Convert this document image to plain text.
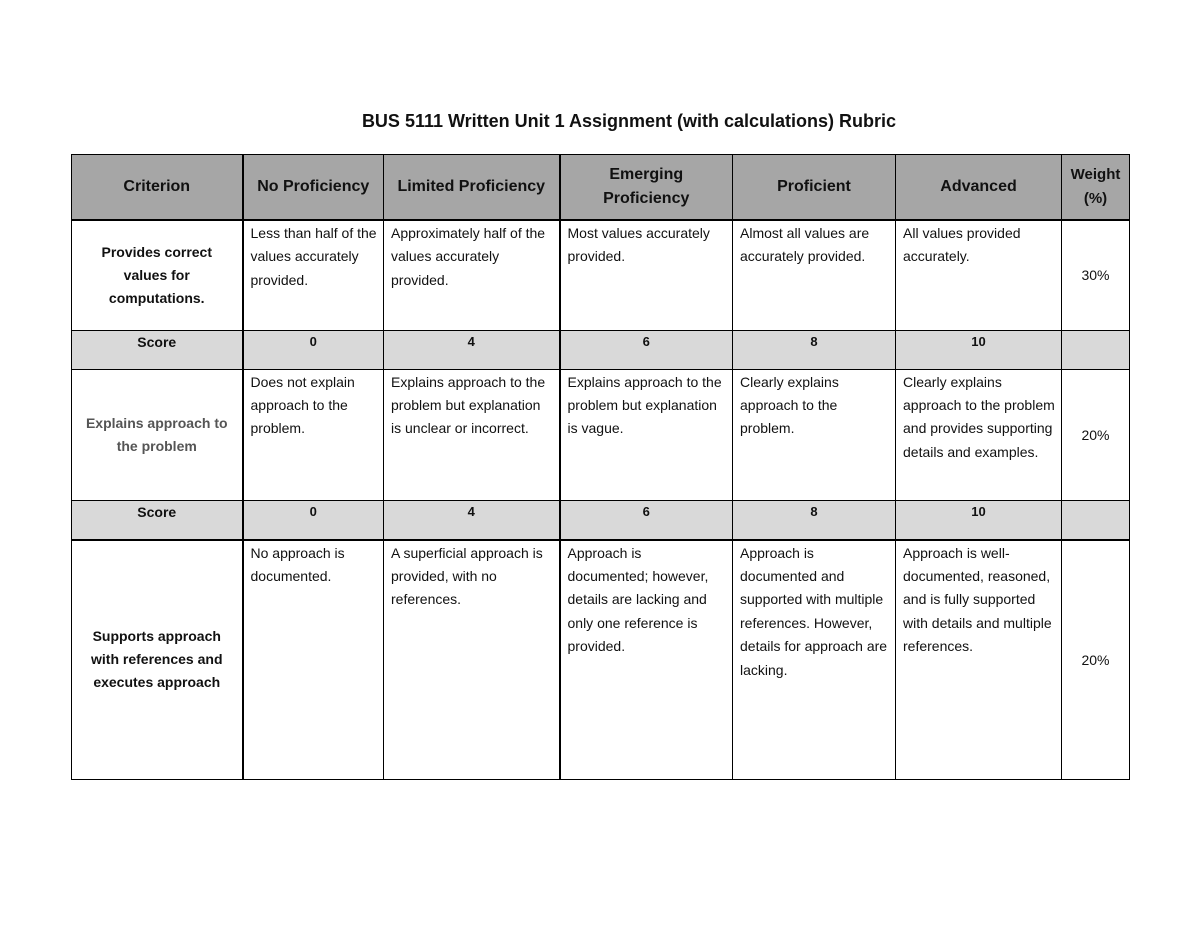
BUS 5111 Written Unit 1 Assignment (with calculations) Rubric
Criterion	No Proficiency	Limited Proficiency	Emerging Proficiency	Proficient	Advanced	Weight (%)
Provides correct values for computations.	Less than half of the values accurately provided.	Approximately half of the values accurately provided.	Most values accurately provided.	Almost all values are accurately provided.	All values provided accurately.	30%
Score	0	4	6	8	10	
Explains approach to the problem	Does not explain approach to the problem.	Explains approach to the problem but explanation is unclear or incorrect.	Explains approach to the problem but explanation is vague.	Clearly explains approach to the problem.	Clearly explains approach to the problem and provides supporting details and examples.	20%
Score	0	4	6	8	10	
Supports approach with references and executes approach	No approach is documented.	A superficial approach is provided, with no references.	Approach is documented; however, details are lacking and only one reference is provided.	Approach is documented and supported with multiple references. However, details for approach are lacking.	Approach is well-documented, reasoned, and is fully supported with details and multiple references.	20%
